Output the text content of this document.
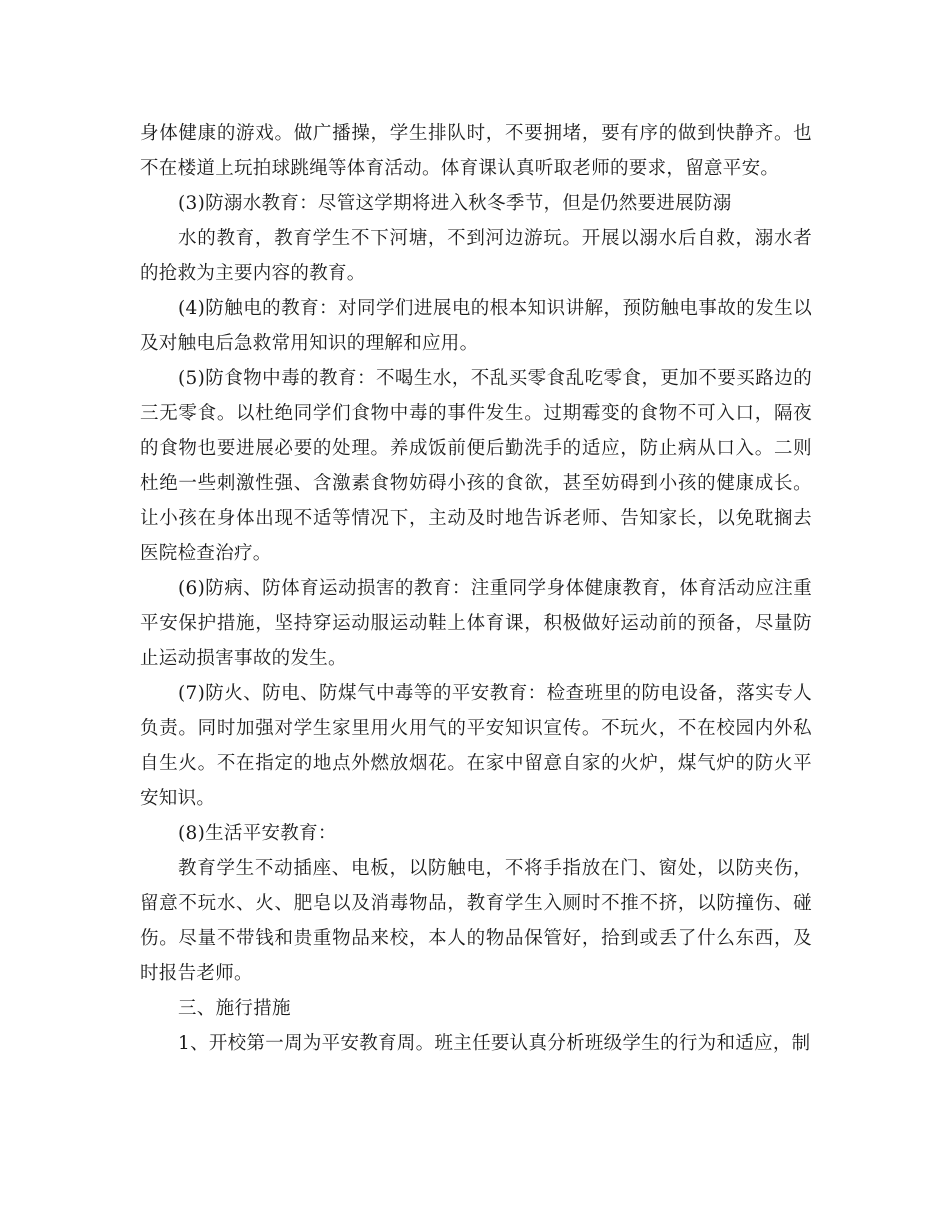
身体健康的游戏。做广播操，学生排队时，不要拥堵，要有序的做到快静齐。也不在楼道上玩拍球跳绳等体育活动。体育课认真听取老师的要求，留意平安。

(3)防溺水教育：尽管这学期将进入秋冬季节，但是仍然要进展防溺

水的教育，教育学生不下河塘，不到河边游玩。开展以溺水后自救，溺水者的抢救为主要内容的教育。

(4)防触电的教育：对同学们进展电的根本知识讲解，预防触电事故的发生以及对触电后急救常用知识的理解和应用。

(5)防食物中毒的教育：不喝生水，不乱买零食乱吃零食，更加不要买路边的三无零食。以杜绝同学们食物中毒的事件发生。过期霉变的食物不可入口，隔夜的食物也要进展必要的处理。养成饭前便后勤洗手的适应，防止病从口入。二则杜绝一些刺激性强、含激素食物妨碍小孩的食欲，甚至妨碍到小孩的健康成长。让小孩在身体出现不适等情况下，主动及时地告诉老师、告知家长，以免耽搁去医院检查治疗。

(6)防病、防体育运动损害的教育：注重同学身体健康教育，体育活动应注重平安保护措施，坚持穿运动服运动鞋上体育课，积极做好运动前的预备，尽量防止运动损害事故的发生。

(7)防火、防电、防煤气中毒等的平安教育：检查班里的防电设备，落实专人负责。同时加强对学生家里用火用气的平安知识宣传。不玩火，不在校园内外私自生火。不在指定的地点外燃放烟花。在家中留意自家的火炉，煤气炉的防火平安知识。

(8)生活平安教育：

教育学生不动插座、电板，以防触电，不将手指放在门、窗处，以防夹伤，留意不玩水、火、肥皂以及消毒物品，教育学生入厕时不推不挤，以防撞伤、碰伤。尽量不带钱和贵重物品来校，本人的物品保管好，拾到或丢了什么东西，及时报告老师。

三、施行措施

1、开校第一周为平安教育周。班主任要认真分析班级学生的行为和适应，制
